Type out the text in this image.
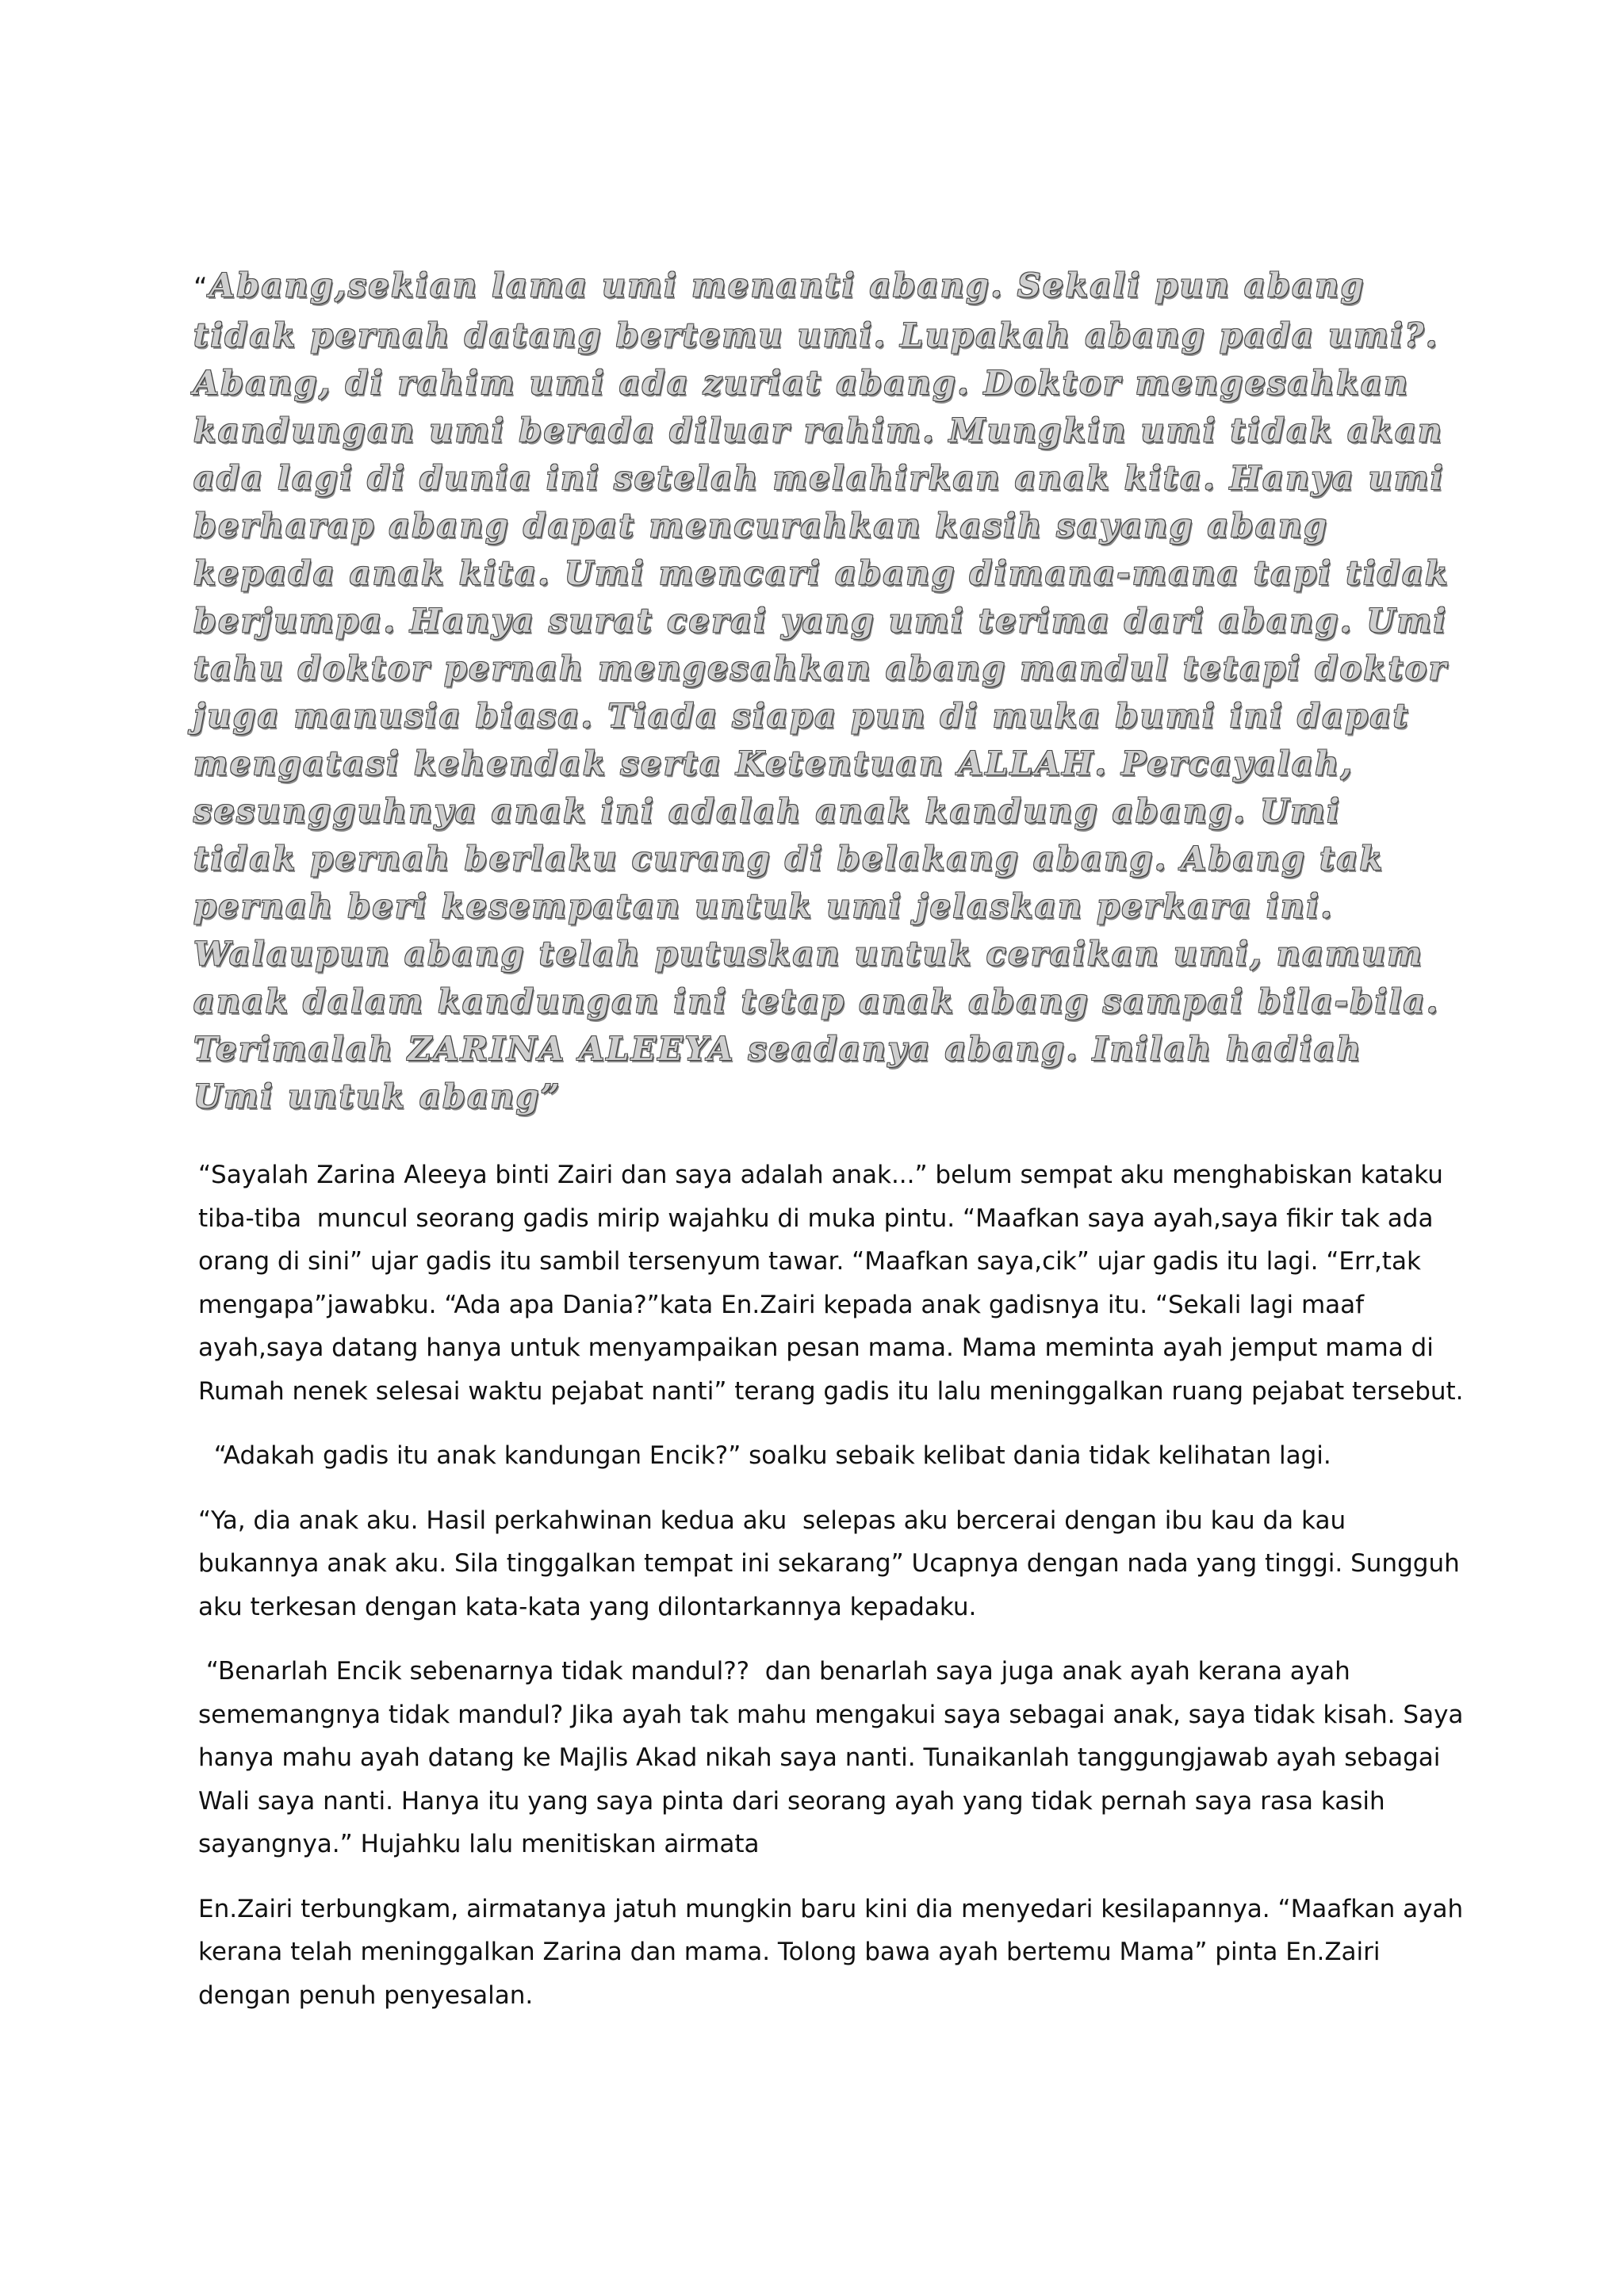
“Abang,sekian lama umi menanti abang. Sekali pun abang tidak pernah datang bertemu umi. Lupakah abang pada umi?. Abang, di rahim umi ada zuriat abang. Doktor mengesahkan kandungan umi berada diluar rahim. Mungkin umi tidak akan ada lagi di dunia ini setelah melahirkan anak kita. Hanya umi berharap abang dapat mencurahkan kasih sayang abang kepada anak kita. Umi mencari abang dimana-mana tapi tidak berjumpa. Hanya surat cerai yang umi terima dari abang. Umi tahu doktor pernah mengesahkan abang mandul tetapi doktor juga manusia biasa. Tiada siapa pun di muka bumi ini dapat mengatasi kehendak serta Ketentuan ALLAH. Percayalah, sesungguhnya anak ini adalah anak kandung abang. Umi tidak pernah berlaku curang di belakang abang. Abang tak pernah beri kesempatan untuk umi jelaskan perkara ini. Walaupun abang telah putuskan untuk ceraikan umi, namum anak dalam kandungan ini tetap anak abang sampai bila-bila. Terimalah ZARINA ALEEYA seadanya abang. Inilah hadiah Umi untuk abang”

“Sayalah Zarina Aleeya binti Zairi dan saya adalah anak...” belum sempat aku menghabiskan kataku tiba-tiba  muncul seorang gadis mirip wajahku di muka pintu. “Maafkan saya ayah,saya fikir tak ada orang di sini” ujar gadis itu sambil tersenyum tawar. “Maafkan saya,cik” ujar gadis itu lagi. “Err,tak mengapa”jawabku. “Ada apa Dania?”kata En.Zairi kepada anak gadisnya itu. “Sekali lagi maaf ayah,saya datang hanya untuk menyampaikan pesan mama. Mama meminta ayah jemput mama di Rumah nenek selesai waktu pejabat nanti” terang gadis itu lalu meninggalkan ruang pejabat tersebut.

“Adakah gadis itu anak kandungan Encik?” soalku sebaik kelibat dania tidak kelihatan lagi.

“Ya, dia anak aku. Hasil perkahwinan kedua aku  selepas aku bercerai dengan ibu kau da kau bukannya anak aku. Sila tinggalkan tempat ini sekarang” Ucapnya dengan nada yang tinggi. Sungguh aku terkesan dengan kata-kata yang dilontarkannya kepadaku.

“Benarlah Encik sebenarnya tidak mandul??  dan benarlah saya juga anak ayah kerana ayah sememangnya tidak mandul? Jika ayah tak mahu mengakui saya sebagai anak, saya tidak kisah. Saya hanya mahu ayah datang ke Majlis Akad nikah saya nanti. Tunaikanlah tanggungjawab ayah sebagai Wali saya nanti. Hanya itu yang saya pinta dari seorang ayah yang tidak pernah saya rasa kasih sayangnya.” Hujahku lalu menitiskan airmata

En.Zairi terbungkam, airmatanya jatuh mungkin baru kini dia menyedari kesilapannya. “Maafkan ayah kerana telah meninggalkan Zarina dan mama. Tolong bawa ayah bertemu Mama” pinta En.Zairi dengan penuh penyesalan.
